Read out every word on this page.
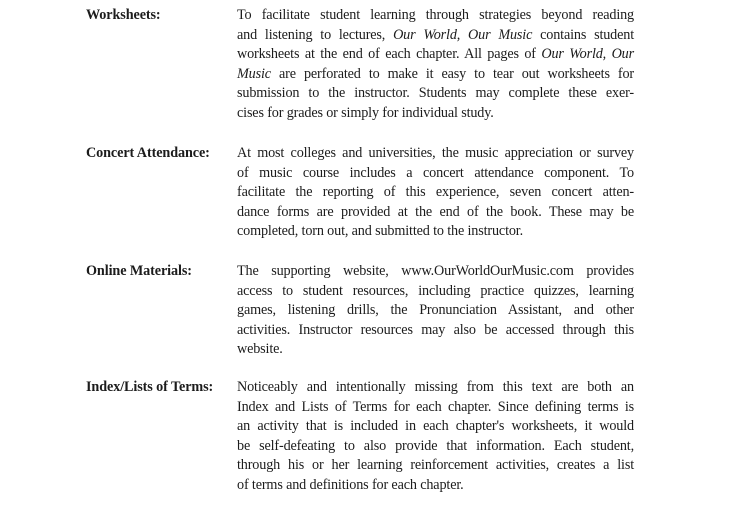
Worksheets:	To facilitate student learning through strategies beyond reading
and listening to lectures, Our World, Our Music contains student
worksheets at the end of each chapter. All pages of Our World, Our
Music are perforated to make it easy to tear out worksheets for
submission to the instructor. Students may complete these exer-
cises for grades or simply for individual study.
Concert Attendance: At most colleges and universities, the music appreciation or survey
of music course includes a concert attendance component. To
facilitate the reporting of this experience, seven concert atten-
dance forms are provided at the end of the book. These may be
completed, torn out, and submitted to the instructor.
Online Materials:	The supporting website, www.OurWorldOurMusic.com provides
access to student resources, including practice quizzes, learning
games, listening drills, the Pronunciation Assistant, and other
activities. Instructor resources may also be accessed through this
website.
Index/Lists of Terms: Noticeably and intentionally missing from this text are both an
Index and Lists of Terms for each chapter. Since defining terms is
an activity that is included in each chapter's worksheets, it would
be self-defeating to also provide that information. Each student,
through his or her learning reinforcement activities, creates a list
of terms and definitions for each chapter.
